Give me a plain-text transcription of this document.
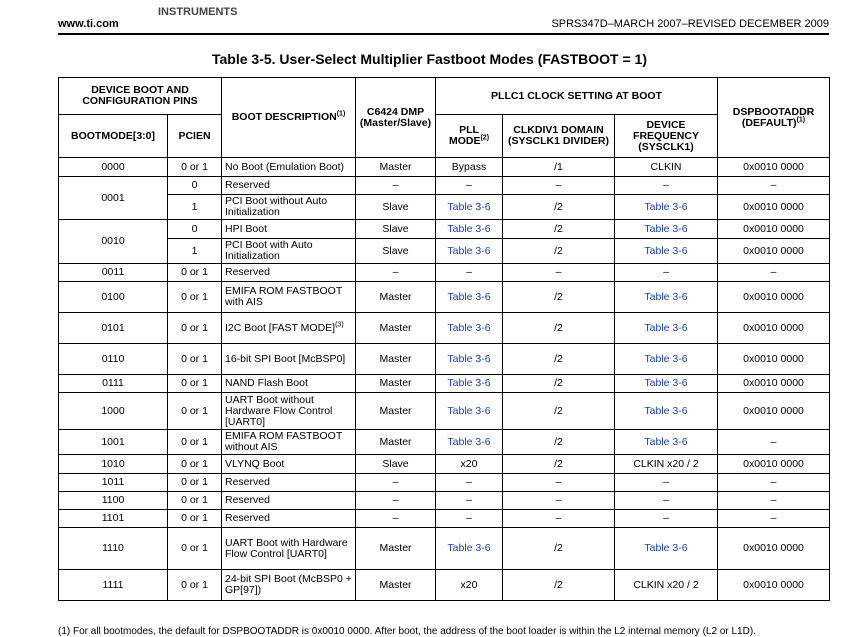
INSTRUMENTS
www.ti.com	SPRS347D–MARCH 2007–REVISED DECEMBER 2009
Table 3-5. User-Select Multiplier Fastboot Modes (FASTBOOT = 1)
DEVICE BOOT AND CONFIGURATION PINS		BOOT DESCRIPTION$^{(1)}$	C6424 DMP (Master/Slave)	PLLC1 CLOCK SETTING AT BOOT			DSPBOOTADDR (DEFAULT)$^{(1)}$
BOOTMODE[3:0]	PCIEN			PLL MODE$^{(2)}$	CLKDIV1 DOMAIN (SYSCLK1 DIVIDER)	DEVICE FREQUENCY (SYSCLK1)	
0000	0 or 1	No Boot (Emulation Boot)	Master	Bypass	/1	CLKIN	0x0010 0000
0001	0	Reserved	–	–	–	–	–
	1	PCI Boot without Auto Initialization	Slave	Table 3-6	/2	Table 3-6	0x0010 0000
0010	0	HPI Boot	Slave	Table 3-6	/2	Table 3-6	0x0010 0000
	1	PCI Boot with Auto Initialization	Slave	Table 3-6	/2	Table 3-6	0x0010 0000
0011	0 or 1	Reserved	–	–	–	–	–
0100	0 or 1	EMIFA ROM FASTBOOT with AIS	Master	Table 3-6	/2	Table 3-6	0x0010 0000
0101	0 or 1	I2C Boot [FAST MODE]$^{(3)}$	Master	Table 3-6	/2	Table 3-6	0x0010 0000
0110	0 or 1	16-bit SPI Boot [McBSP0]	Master	Table 3-6	/2	Table 3-6	0x0010 0000
0111	0 or 1	NAND Flash Boot	Master	Table 3-6	/2	Table 3-6	0x0010 0000
1000	0 or 1	UART Boot without Hardware Flow Control [UART0]	Master	Table 3-6	/2	Table 3-6	0x0010 0000
1001	0 or 1	EMIFA ROM FASTBOOT without AIS	Master	Table 3-6	/2	Table 3-6	–
1010	0 or 1	VLYNQ Boot	Slave	x20	/2	CLKIN x20 / 2	0x0010 0000
1011	0 or 1	Reserved	–	–	–	–	–
1100	0 or 1	Reserved	–	–	–	–	–
1101	0 or 1	Reserved	–	–	–	–	–
1110	0 or 1	UART Boot with Hardware Flow Control [UART0]	Master	Table 3-6	/2	Table 3-6	0x0010 0000
1111	0 or 1	24-bit SPI Boot (McBSP0 + GP[97])	Master	x20	/2	CLKIN x20 / 2	0x0010 0000
(1) For all bootmodes, the default for DSPBOOTADDR is 0x0010 0000. After boot, the address of the boot loader is within the L2 internal memory (L2 or L1D).
